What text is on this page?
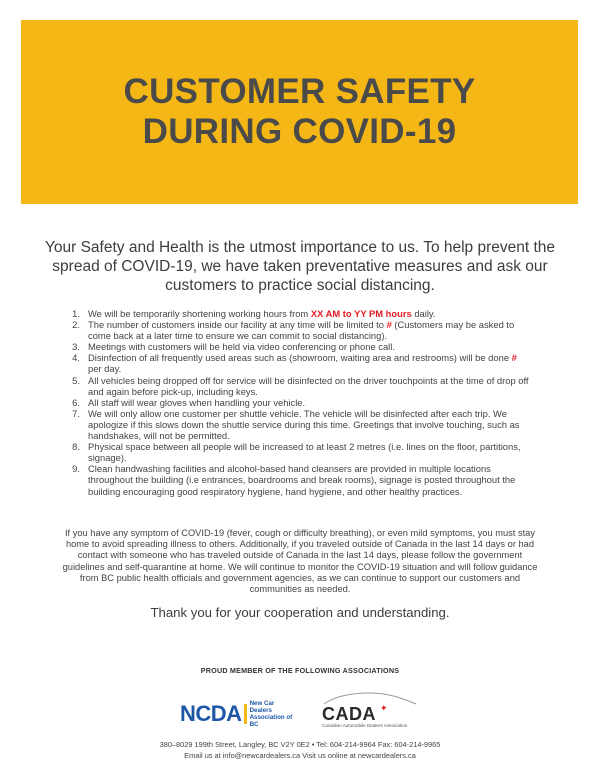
CUSTOMER SAFETY
DURING COVID-19

Your Safety and Health is the utmost importance to us. To help prevent the spread of COVID-19, we have taken preventative measures and ask our customers to practice social distancing.

1. We will be temporarily shortening working hours from XX AM to YY PM hours daily.
2. The number of customers inside our facility at any time will be limited to # (Customers may be asked to come back at a later time to ensure we can commit to social distancing).
3. Meetings with customers will be held via video conferencing or phone call.
4. Disinfection of all frequently used areas such as (showroom, waiting area and restrooms) will be done # per day.
5. All vehicles being dropped off for service will be disinfected on the driver touchpoints at the time of drop off and again before pick-up, including keys.
6. All staff will wear gloves when handling your vehicle.
7. We will only allow one customer per shuttle vehicle. The vehicle will be disinfected after each trip. We apologize if this slows down the shuttle service during this time. Greetings that involve touching, such as handshakes, will not be permitted.
8. Physical space between all people will be increased to at least 2 metres (i.e. lines on the floor, partitions, signage).
9. Clean handwashing facilities and alcohol-based hand cleansers are provided in multiple locations throughout the building (i.e entrances, boardrooms and break rooms), signage is posted throughout the building encouraging good respiratory hygiene, hand hygiene, and other healthy practices.

If you have any symptom of COVID-19 (fever, cough or difficulty breathing), or even mild symptoms, you must stay home to avoid spreading illness to others. Additionally, if you traveled outside of Canada in the last 14 days or had contact with someone who has traveled outside of Canada in the last 14 days, please follow the government guidelines and self-quarantine at home. We will continue to monitor the COVID-19 situation and will follow guidance from BC public health officials and government agencies, as we can continue to support our customers and communities as needed.

Thank you for your cooperation and understanding.

PROUD MEMBER OF THE FOLLOWING ASSOCIATIONS

NCDA New Car Dealers
Association of BC
CADA ✦
Canadian Automobile Dealers Association
380–8029 199th Street, Langley, BC V2Y 0E2 • Tel: 604-214-9964 Fax: 604-214-9965
Email us at info@newcardealers.ca Visit us online at newcardealers.ca
